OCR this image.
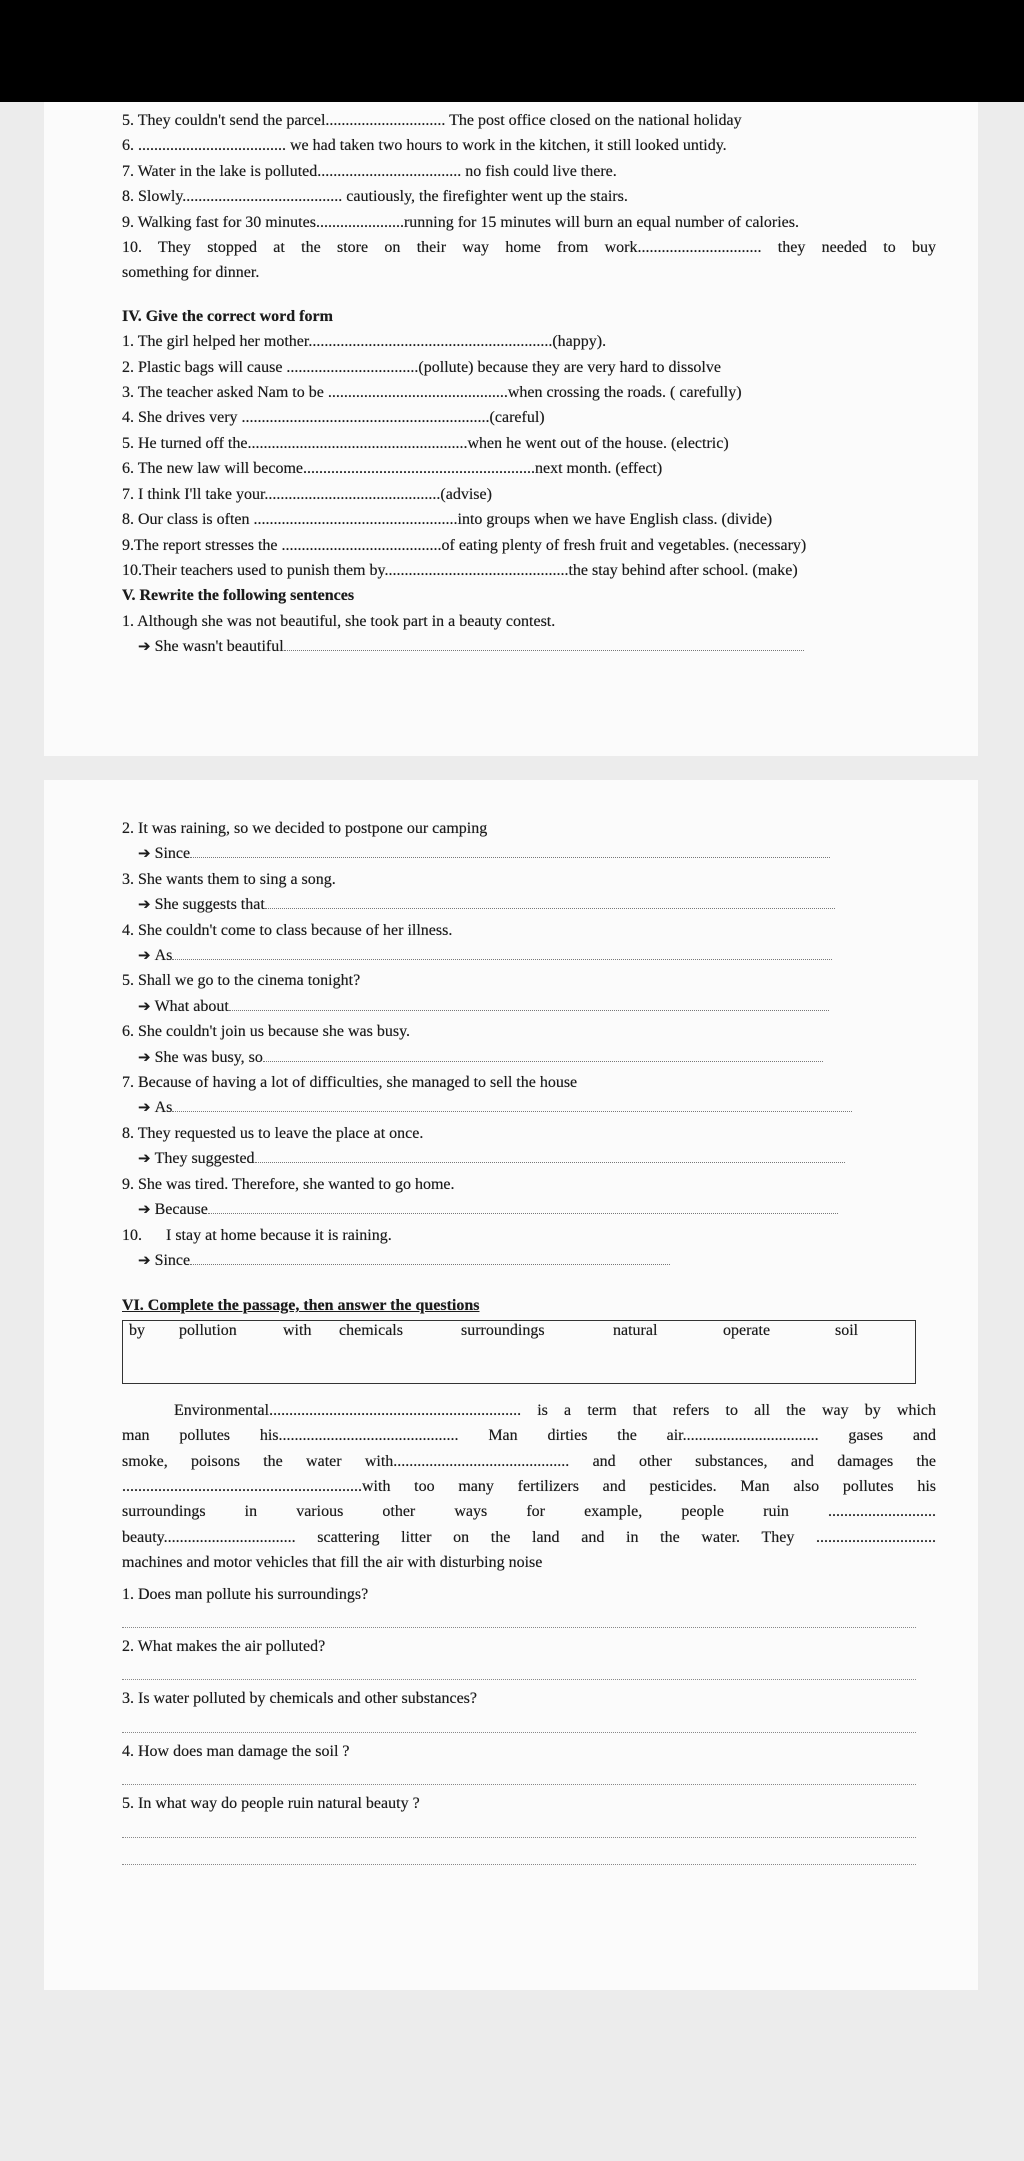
5. They couldn't send the parcel.............................. The post office closed on the national holiday
6. ..................................... we had taken two hours to work in the kitchen, it still looked untidy.
7. Water in the lake is polluted.................................... no fish could live there.
8. Slowly........................................ cautiously, the firefighter went up the stairs.
9. Walking fast for 30 minutes......................running for 15 minutes will burn an equal number of calories.
10. They stopped at the store on their way home from work............................... they needed to buy
something for dinner.
IV. Give the correct word form
1. The girl helped her mother.............................................................(happy).
2. Plastic bags will cause .................................(pollute) because they are very hard to dissolve
3. The teacher asked Nam to be .............................................when crossing the roads. ( carefully)
4. She drives very ..............................................................(careful)
5. He turned off the.......................................................when he went out of the house. (electric)
6. The new law will become..........................................................next month. (effect)
7. I think I'll take your............................................(advise)
8. Our class is often ...................................................into groups when we have English class. (divide)
9.The report stresses the ........................................of eating plenty of fresh fruit and vegetables. (necessary)
10.Their teachers used to punish them by..............................................the stay behind after school. (make)
V. Rewrite the following sentences
1. Although she was not beautiful, she took part in a beauty contest.
➔ She wasn't beautiful
2. It was raining, so we decided to postpone our camping
➔ Since
3. She wants them to sing a song.
➔ She suggests that
4. She couldn't come to class because of her illness.
➔ As
5. Shall we go to the cinema tonight?
➔ What about
6. She couldn't join us because she was busy.
➔ She was busy, so
7. Because of having a lot of difficulties, she managed to sell the house
➔ As
8. They requested us to leave the place at once.
➔ They suggested
9. She was tired. Therefore, she wanted to go home.
➔ Because
10.      I stay at home because it is raining.
➔ Since
VI. Complete the passage, then answer the questions
by pollution	with chemicals	surroundings	natural	operate	soil
Environmental............................................................... is a term that refers to all the way by which
man pollutes his............................................. Man dirties the air.................................. gases and
smoke, poisons the water with............................................ and other substances, and damages the
............................................................with too many fertilizers and pesticides. Man also pollutes his
surroundings in various other ways for example, people ruin ...........................
beauty................................. scattering litter on the land and in the water. They ..............................
machines and motor vehicles that fill the air with disturbing noise
1. Does man pollute his surroundings?
2. What makes the air polluted?
3. Is water polluted by chemicals and other substances?
4. How does man damage the soil ?
5. In what way do people ruin natural beauty ?
